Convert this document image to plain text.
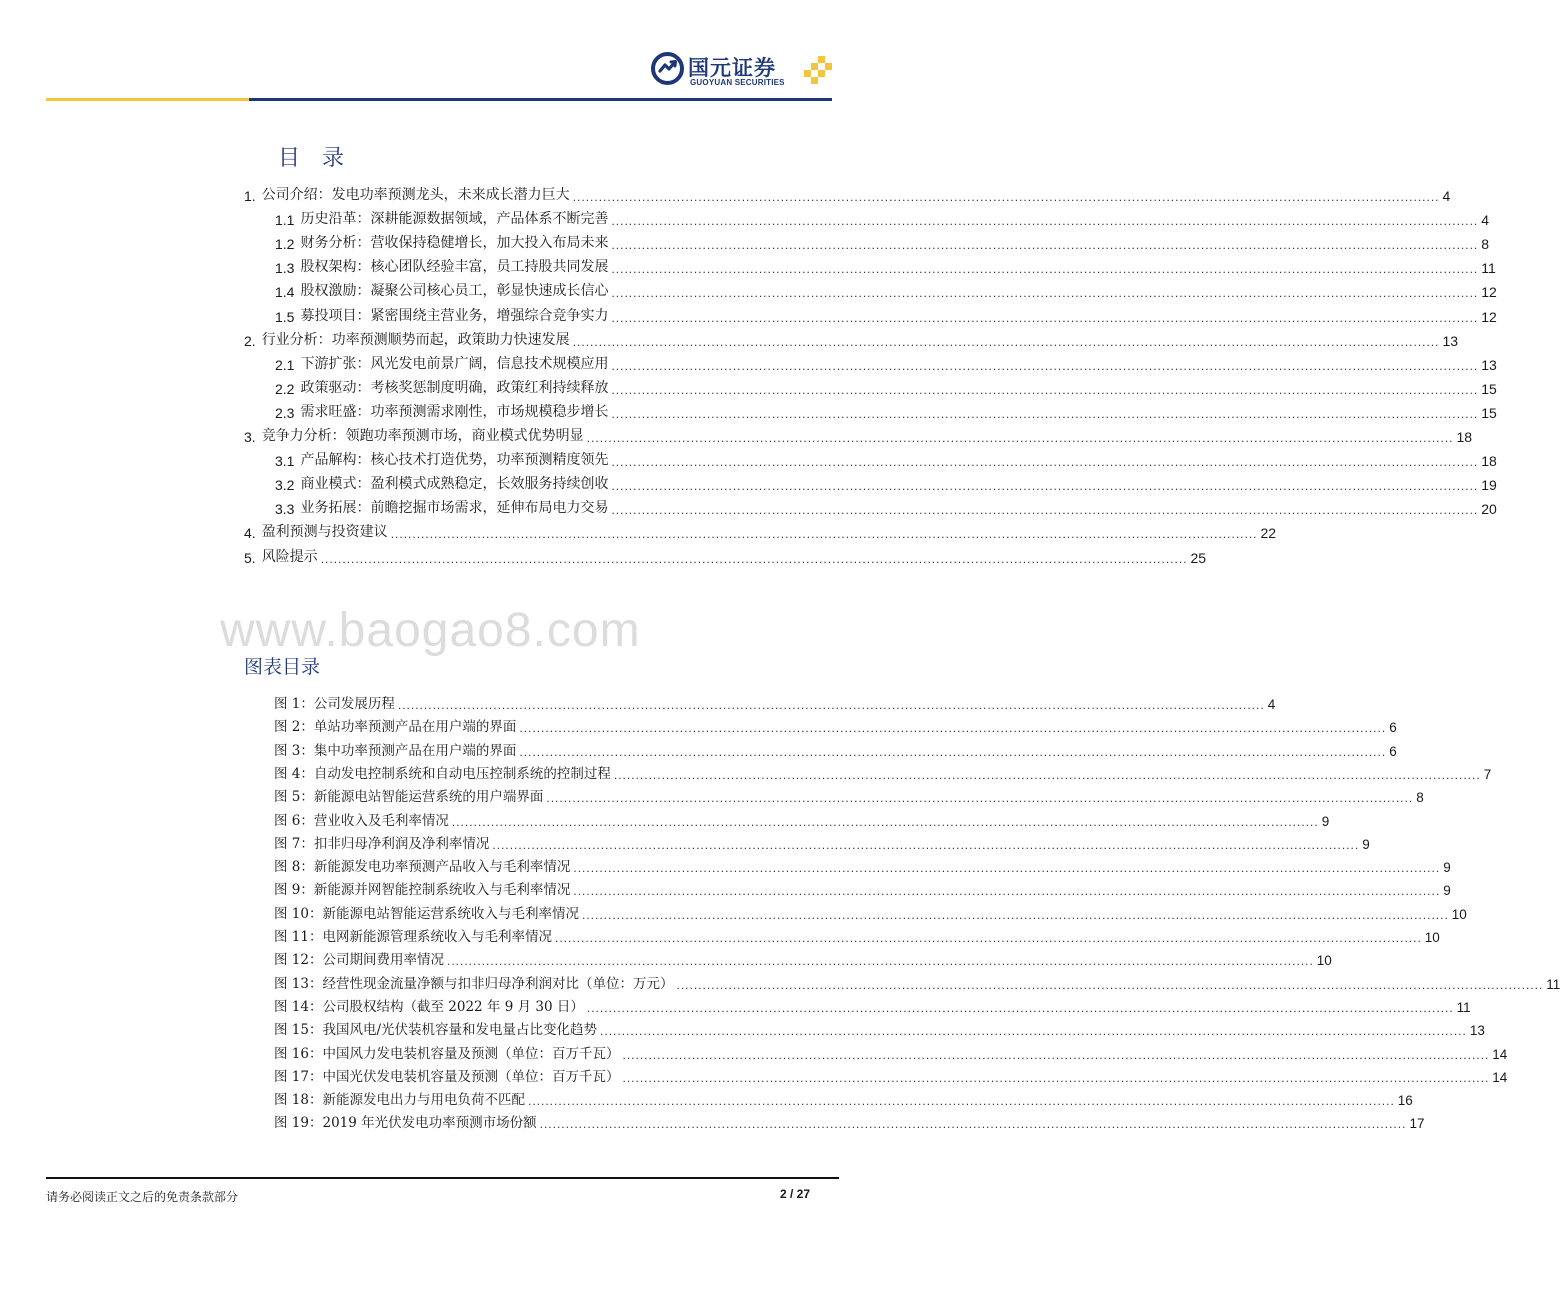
国元证券
GUOYUAN SECURITIES
目录
1. 公司介绍：发电功率预测龙头，未来成长潜力巨大 ........................................................................................................................................................................................................ 4
1.1 历史沿革：深耕能源数据领域，产品体系不断完善 ........................................................................................................................................................................................................ 4
1.2 财务分析：营收保持稳健增长，加大投入布局未来 ........................................................................................................................................................................................................ 8
1.3 股权架构：核心团队经验丰富，员工持股共同发展 ........................................................................................................................................................................................................ 11
1.4 股权激励：凝聚公司核心员工，彰显快速成长信心 ........................................................................................................................................................................................................ 12
1.5 募投项目：紧密围绕主营业务，增强综合竞争实力 ........................................................................................................................................................................................................ 12
2. 行业分析：功率预测顺势而起，政策助力快速发展 ........................................................................................................................................................................................................ 13
2.1 下游扩张：风光发电前景广阔，信息技术规模应用 ........................................................................................................................................................................................................ 13
2.2 政策驱动：考核奖惩制度明确，政策红利持续释放 ........................................................................................................................................................................................................ 15
2.3 需求旺盛：功率预测需求刚性，市场规模稳步增长 ........................................................................................................................................................................................................ 15
3. 竞争力分析：领跑功率预测市场，商业模式优势明显 ........................................................................................................................................................................................................ 18
3.1 产品解构：核心技术打造优势，功率预测精度领先 ........................................................................................................................................................................................................ 18
3.2 商业模式：盈利模式成熟稳定，长效服务持续创收 ........................................................................................................................................................................................................ 19
3.3 业务拓展：前瞻挖掘市场需求，延伸布局电力交易 ........................................................................................................................................................................................................ 20
4. 盈利预测与投资建议 ........................................................................................................................................................................................................ 22
5. 风险提示 ........................................................................................................................................................................................................ 25
www.baogao8.com
图表目录
图 1： 公司发展历程 ........................................................................................................................................................................................................ 4
图 2： 单站功率预测产品在用户端的界面 ........................................................................................................................................................................................................ 6
图 3： 集中功率预测产品在用户端的界面 ........................................................................................................................................................................................................ 6
图 4： 自动发电控制系统和自动电压控制系统的控制过程 ........................................................................................................................................................................................................ 7
图 5： 新能源电站智能运营系统的用户端界面 ........................................................................................................................................................................................................ 8
图 6： 营业收入及毛利率情况 ........................................................................................................................................................................................................ 9
图 7： 扣非归母净利润及净利率情况 ........................................................................................................................................................................................................ 9
图 8： 新能源发电功率预测产品收入与毛利率情况 ........................................................................................................................................................................................................ 9
图 9： 新能源并网智能控制系统收入与毛利率情况 ........................................................................................................................................................................................................ 9
图 10： 新能源电站智能运营系统收入与毛利率情况 ........................................................................................................................................................................................................ 10
图 11： 电网新能源管理系统收入与毛利率情况 ........................................................................................................................................................................................................ 10
图 12： 公司期间费用率情况 ........................................................................................................................................................................................................ 10
图 13： 经营性现金流量净额与扣非归母净利润对比（单位：万元） ........................................................................................................................................................................................................ 11
图 14： 公司股权结构（截至 2022 年 9 月 30 日） ........................................................................................................................................................................................................ 11
图 15： 我国风电/光伏装机容量和发电量占比变化趋势 ........................................................................................................................................................................................................ 13
图 16： 中国风力发电装机容量及预测（单位：百万千瓦） ........................................................................................................................................................................................................ 14
图 17： 中国光伏发电装机容量及预测（单位：百万千瓦） ........................................................................................................................................................................................................ 14
图 18： 新能源发电出力与用电负荷不匹配 ........................................................................................................................................................................................................ 16
图 19： 2019 年光伏发电功率预测市场份额 ........................................................................................................................................................................................................ 17
请务必阅读正文之后的免责条款部分	2 / 27
